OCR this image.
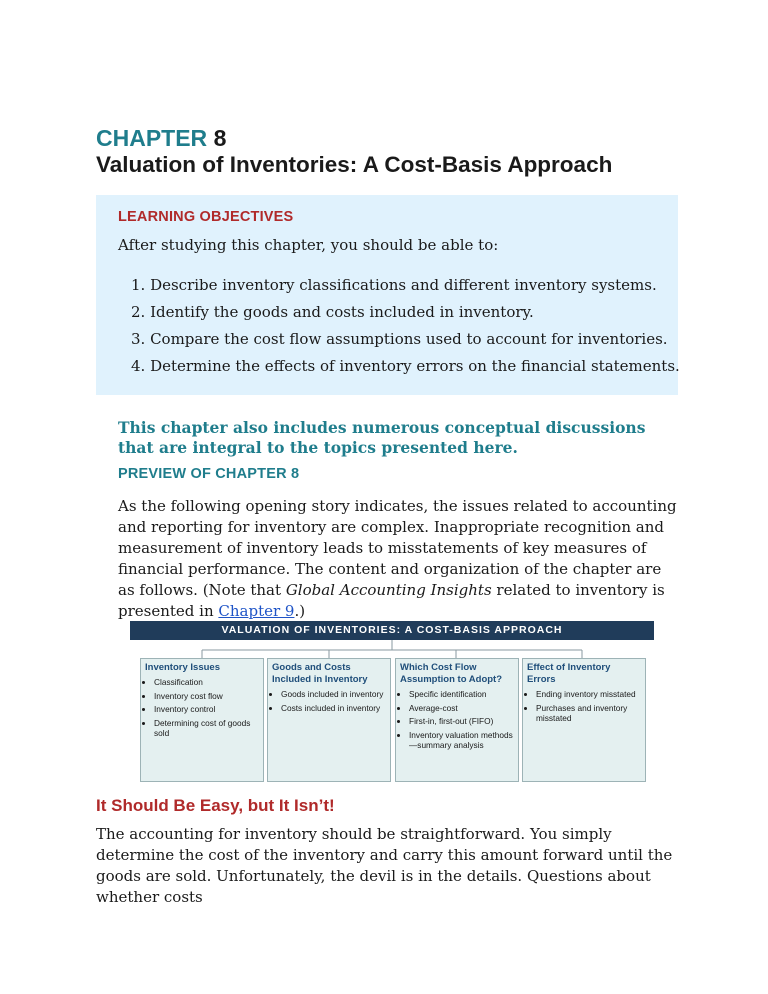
CHAPTER 8
Valuation of Inventories: A Cost-Basis Approach
LEARNING OBJECTIVES

After studying this chapter, you should be able to:

1. Describe inventory classifications and different inventory systems.
2. Identify the goods and costs included in inventory.
3. Compare the cost flow assumptions used to account for inventories.
4. Determine the effects of inventory errors on the financial statements.

This chapter also includes numerous conceptual discussions that are integral to the topics presented here.

PREVIEW OF CHAPTER 8

As the following opening story indicates, the issues related to accounting and reporting for inventory are complex. Inappropriate recognition and measurement of inventory leads to misstatements of key measures of financial performance. The content and organization of the chapter are as follows. (Note that Global Accounting Insights related to inventory is presented in Chapter 9.)

VALUATION OF INVENTORIES: A COST-BASIS APPROACH
Inventory Issues
• Classification
• Inventory cost flow
• Inventory control
• Determining cost of goods sold
Goods and Costs Included in Inventory
• Goods included in inventory
• Costs included in inventory
Which Cost Flow Assumption to Adopt?
• Specific identification
• Average-cost
• First-in, first-out (FIFO)
• Inventory valuation methods—summary analysis
Effect of Inventory Errors
• Ending inventory misstated
• Purchases and inventory misstated
It Should Be Easy, but It Isn’t!

The accounting for inventory should be straightforward. You simply determine the cost of the inventory and carry this amount forward until the goods are sold. Unfortunately, the devil is in the details. Questions about whether costs
